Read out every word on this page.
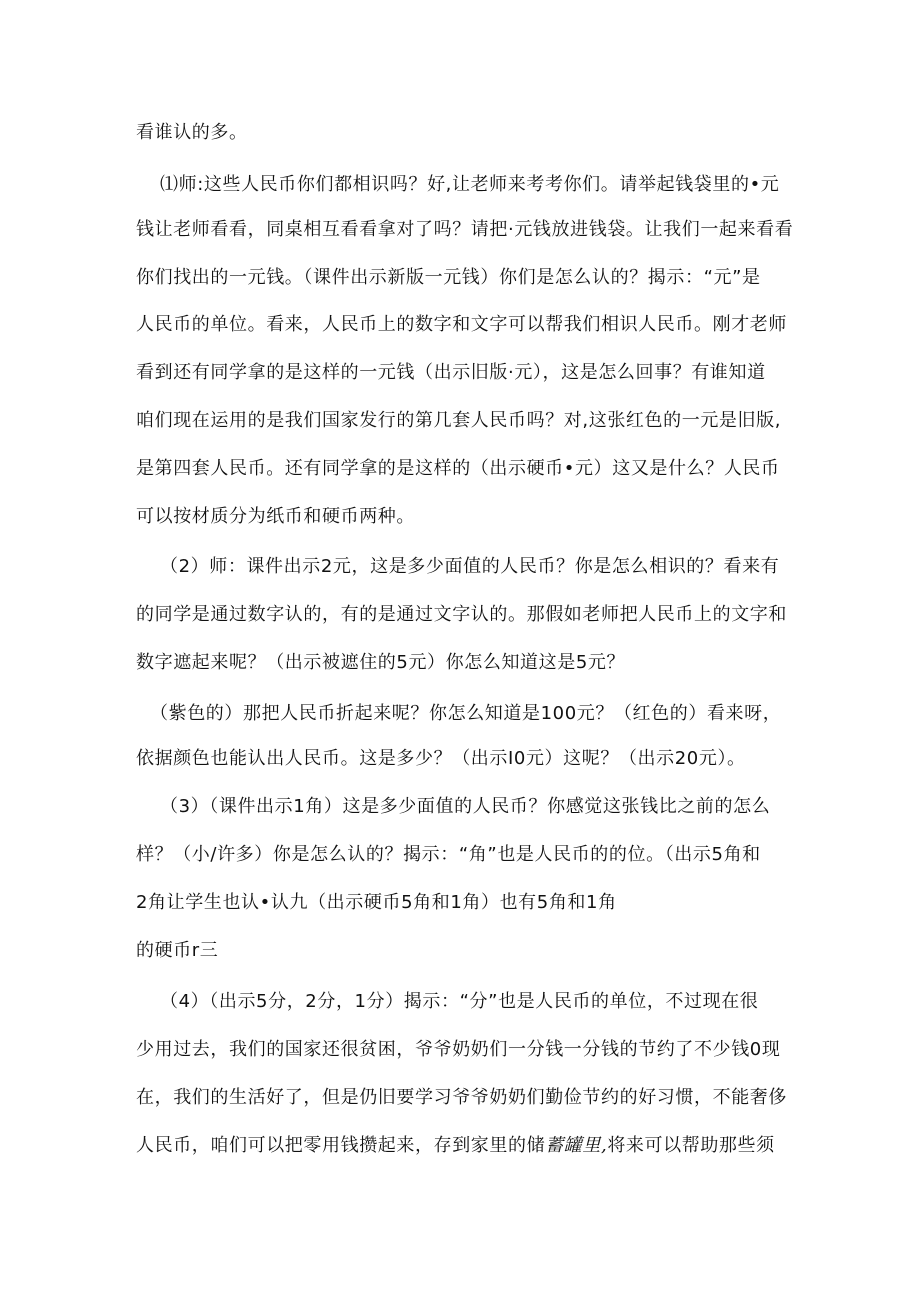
看谁认的多。
⑴师:这些人民币你们都相识吗？好,让老师来考考你们。请举起钱袋里的•元
钱让老师看看，同桌相互看看拿对了吗？请把·元钱放进钱袋。让我们一起来看看
你们找出的一元钱。（课件出示新版一元钱）你们是怎么认的？揭示：“元”是
人民币的单位。看来，人民币上的数字和文字可以帮我们相识人民币。刚才老师
看到还有同学拿的是这样的一元钱（出示旧版·元），这是怎么回事？有谁知道
咱们现在运用的是我们国家发行的第几套人民币吗？对,这张红色的一元是旧版,
是第四套人民币。还有同学拿的是这样的（出示硬币•元）这又是什么？人民币
可以按材质分为纸币和硬币两种。
（2）师：课件出示2元，这是多少面值的人民币？你是怎么相识的？看来有
的同学是通过数字认的，有的是通过文字认的。那假如老师把人民币上的文字和
数字遮起来呢？（出示被遮住的5元）你怎么知道这是5元？
（紫色的）那把人民币折起来呢？你怎么知道是100元？（红色的）看来呀，
依据颜色也能认出人民币。这是多少？（出示I0元）这呢？（出示20元）。
（3）（课件出示1角）这是多少面值的人民币？你感觉这张钱比之前的怎么
样？（小/许多）你是怎么认的？揭示：“角”也是人民币的的位。（出示5角和
2角让学生也认•认九（出示硬币5角和1角）也有5角和1角
的硬币r三
（4）（出示5分，2分，1分）揭示：“分”也是人民币的单位，不过现在很
少用过去，我们的国家还很贫困，爷爷奶奶们一分钱一分钱的节约了不少钱0现
在，我们的生活好了，但是仍旧要学习爷爷奶奶们勤俭节约的好习惯，不能奢侈
人民币，咱们可以把零用钱攒起来，存到家里的储蓄罐里,将来可以帮助那些须
